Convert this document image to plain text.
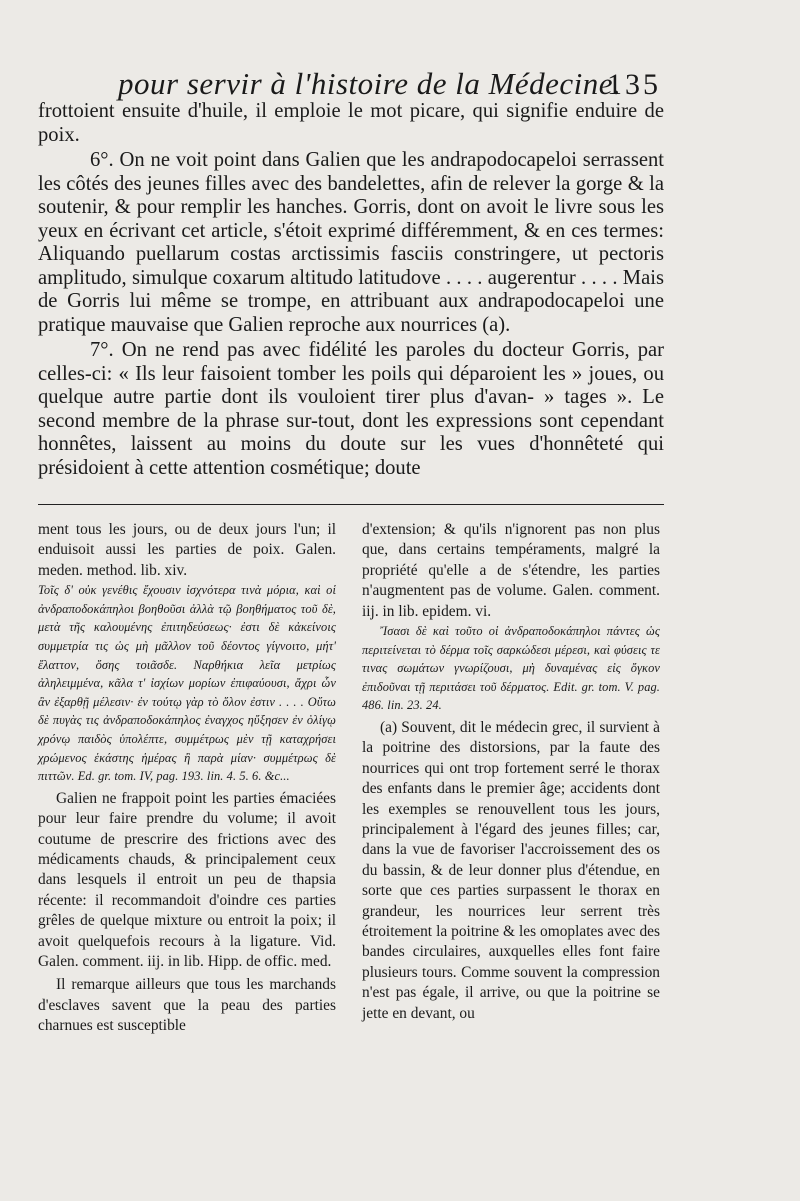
pour servir à l'histoire de la Médecine.
135

frottoient ensuite d'huile, il emploie le mot picare, qui signifie enduire de poix.

6°. On ne voit point dans Galien que les andrapodocapeloi serrassent les côtés des jeunes filles avec des bandelettes, afin de relever la gorge & la soutenir, & pour remplir les hanches. Gorris, dont on avoit le livre sous les yeux en écrivant cet article, s'étoit exprimé différemment, & en ces termes: Aliquando puellarum costas arctissimis fasciis constringere, ut pectoris amplitudo, simulque coxarum altitudo latitudove . . . . augerentur . . . . Mais de Gorris lui même se trompe, en attribuant aux andrapodocapeloi une pratique mauvaise que Galien reproche aux nourrices (a).

7°. On ne rend pas avec fidélité les paroles du docteur Gorris, par celles-ci: « Ils leur faisoient tomber les poils qui déparoient les » joues, ou quelque autre partie dont ils vouloient tirer plus d'avan- » tages ». Le second membre de la phrase sur-tout, dont les expressions sont cependant honnêtes, laissent au moins du doute sur les vues d'honnêteté qui présidoient à cette attention cosmétique; doute

ment tous les jours, ou de deux jours l'un; il enduisoit aussi les parties de poix. Galen. meden. method. lib. xiv.

Τοῖς δ' οὐκ γενέθις ἔχουσιν ἰσχνότερα τινὰ μόρια, καὶ οἱ ἀνδραποδοκάπηλοι βοηθοῦσι ἀλλὰ τῷ βοηθήματος τοῦ δὲ, μετὰ τῆς καλουμένης ἐπιτηδεύσεως· ἐστι δὲ κἀκείνοις συμμετρία τις ὡς μὴ μᾶλλον τοῦ δέοντος γίγνοιτο, μήτ' ἔλαττον, ὅσης τοιᾶσδε. Ναρθήκια λεῖα μετρίως ἀληλειμμένα, κᾶλα τ' ἰσχίων μορίων ἐπιφαύουσι, ἄχρι ὧν ἂν ἐξαρθῇ μέλεσιν· ἐν τούτῳ γὰρ τὸ ὅλον ἐστιν . . . . Οὕτω δὲ πυγὰς τις ἀνδραποδοκάπηλος ἐναγχος ηὔξησεν ἐν ὀλίγῳ χρόνῳ παιδὸς ὑπολέπτε, συμμέτρως μὲν τῇ καταχρήσει χρώμενος ἑκάστης ἡμέρας ἢ παρὰ μίαν· συμμέτρως δὲ πιττῶν. Ed. gr. tom. IV, pag. 193. lin. 4. 5. 6. &c...

Galien ne frappoit point les parties émaciées pour leur faire prendre du volume; il avoit coutume de prescrire des frictions avec des médicaments chauds, & principalement ceux dans lesquels il entroit un peu de thapsia récente: il recommandoit d'oindre ces parties grêles de quelque mixture ou entroit la poix; il avoit quelquefois recours à la ligature. Vid. Galen. comment. iij. in lib. Hipp. de offic. med.

Il remarque ailleurs que tous les marchands d'esclaves savent que la peau des parties charnues est susceptible

d'extension; & qu'ils n'ignorent pas non plus que, dans certains tempéraments, malgré la propriété qu'elle a de s'étendre, les parties n'augmentent pas de volume. Galen. comment. iij. in lib. epidem. vi.

Ἴσασι δὲ καὶ τοῦτο οἱ ἀνδραποδοκάπηλοι πάντες ὡς περιτείνεται τὸ δέρμα τοῖς σαρκώδεσι μέρεσι, καὶ φύσεις τε τινας σωμάτων γνωρίζουσι, μὴ δυναμένας εἰς ὄγκον ἐπιδοῦναι τῇ περιτάσει τοῦ δέρματος. Edit. gr. tom. V. pag. 486. lin. 23. 24.

(a) Souvent, dit le médecin grec, il survient à la poitrine des distorsions, par la faute des nourrices qui ont trop fortement serré le thorax des enfants dans le premier âge; accidents dont les exemples se renouvellent tous les jours, principalement à l'égard des jeunes filles; car, dans la vue de favoriser l'accroissement des os du bassin, & de leur donner plus d'étendue, en sorte que ces parties surpassent le thorax en grandeur, les nourrices leur serrent très étroitement la poitrine & les omoplates avec des bandes circulaires, auxquelles elles font faire plusieurs tours. Comme souvent la compression n'est pas égale, il arrive, ou que la poitrine se jette en devant, ou
